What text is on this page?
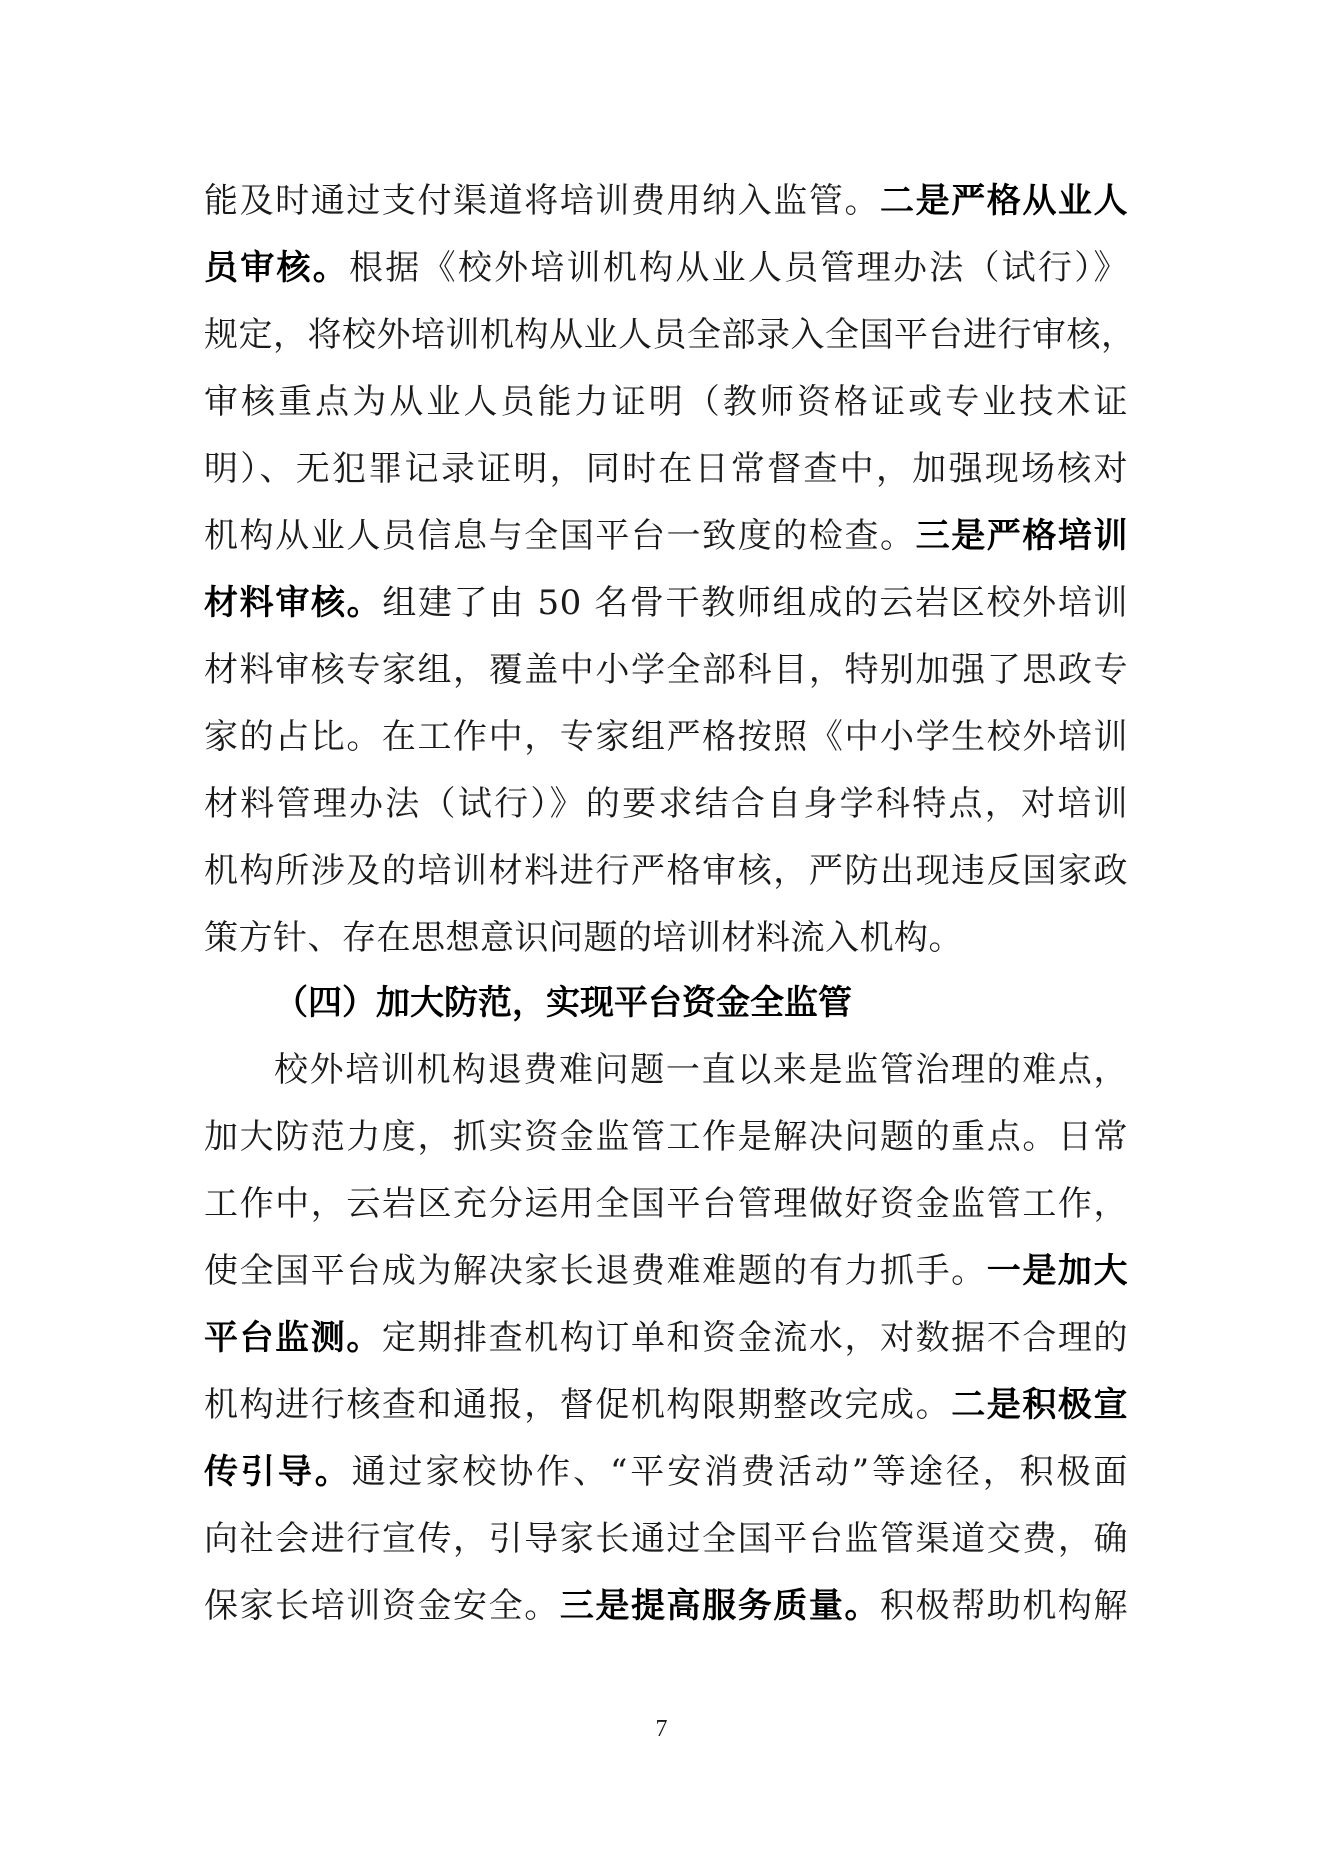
能及时通过支付渠道将培训费用纳入监管。二是严格从业人
员审核。根据《校外培训机构从业人员管理办法（试行）》
规定，将校外培训机构从业人员全部录入全国平台进行审核，
审核重点为从业人员能力证明（教师资格证或专业技术证
明）、无犯罪记录证明，同时在日常督查中，加强现场核对
机构从业人员信息与全国平台一致度的检查。三是严格培训
材料审核。组建了由 50 名骨干教师组成的云岩区校外培训
材料审核专家组，覆盖中小学全部科目，特别加强了思政专
家的占比。在工作中，专家组严格按照《中小学生校外培训
材料管理办法（试行）》的要求结合自身学科特点，对培训
机构所涉及的培训材料进行严格审核，严防出现违反国家政
策方针、存在思想意识问题的培训材料流入机构。
（四）加大防范，实现平台资金全监管
校外培训机构退费难问题一直以来是监管治理的难点，
加大防范力度，抓实资金监管工作是解决问题的重点。日常
工作中，云岩区充分运用全国平台管理做好资金监管工作，
使全国平台成为解决家长退费难难题的有力抓手。一是加大
平台监测。定期排查机构订单和资金流水，对数据不合理的
机构进行核查和通报，督促机构限期整改完成。二是积极宣
传引导。通过家校协作、“平安消费活动”等途径，积极面
向社会进行宣传，引导家长通过全国平台监管渠道交费，确
保家长培训资金安全。三是提高服务质量。积极帮助机构解
7
